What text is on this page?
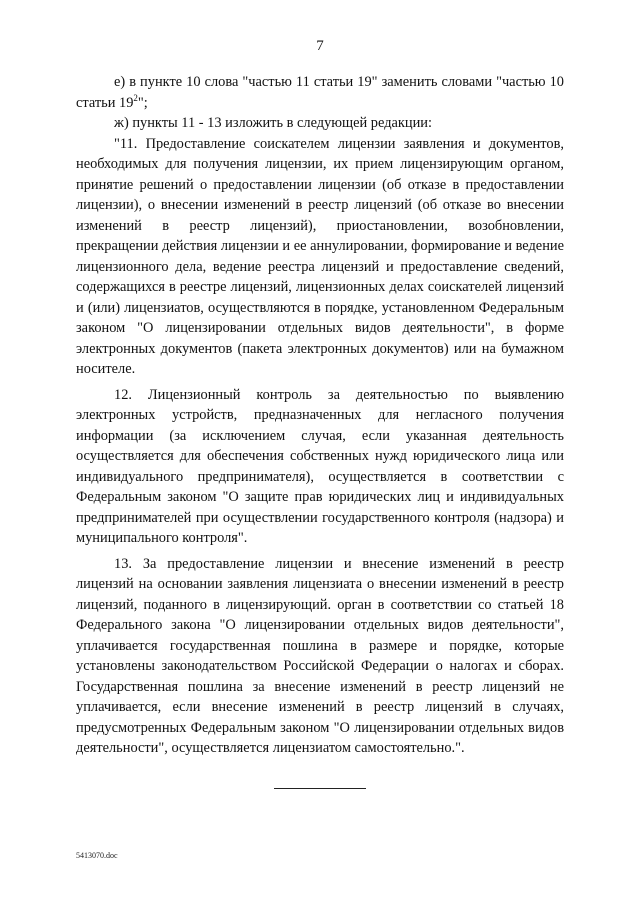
7

е) в пункте 10 слова "частью 11 статьи 19" заменить словами "частью 10 статьи $19^2$";

ж) пункты 11 - 13 изложить в следующей редакции:

"11. Предоставление соискателем лицензии заявления и документов, необходимых для получения лицензии, их прием лицензирующим органом, принятие решений о предоставлении лицензии (об отказе в предоставлении лицензии), о внесении изменений в реестр лицензий (об отказе во внесении изменений в реестр лицензий), приостановлении, возобновлении, прекращении действия лицензии и ее аннулировании, формирование и ведение лицензионного дела, ведение реестра лицензий и предоставление сведений, содержащихся в реестре лицензий, лицензионных делах соискателей лицензий и (или) лицензиатов, осуществляются в порядке, установленном Федеральным законом "О лицензировании отдельных видов деятельности", в форме электронных документов (пакета электронных документов) или на бумажном носителе.

12. Лицензионный контроль за деятельностью по выявлению электронных устройств, предназначенных для негласного получения информации (за исключением случая, если указанная деятельность осуществляется для обеспечения собственных нужд юридического лица или индивидуального предпринимателя), осуществляется в соответствии с Федеральным законом "О защите прав юридических лиц и индивидуальных предпринимателей при осуществлении государственного контроля (надзора) и муниципального контроля".

13. За предоставление лицензии и внесение изменений в реестр лицензий на основании заявления лицензиата о внесении изменений в реестр лицензий, поданного в лицензирующий. орган в соответствии со статьей 18 Федерального закона "О лицензировании отдельных видов деятельности", уплачивается государственная пошлина в размере и порядке, которые установлены законодательством Российской Федерации о налогах и сборах. Государственная пошлина за внесение изменений в реестр лицензий не уплачивается, если внесение изменений в реестр лицензий в случаях, предусмотренных Федеральным законом "О лицензировании отдельных видов деятельности", осуществляется лицензиатом самостоятельно.".

5413070.doc
